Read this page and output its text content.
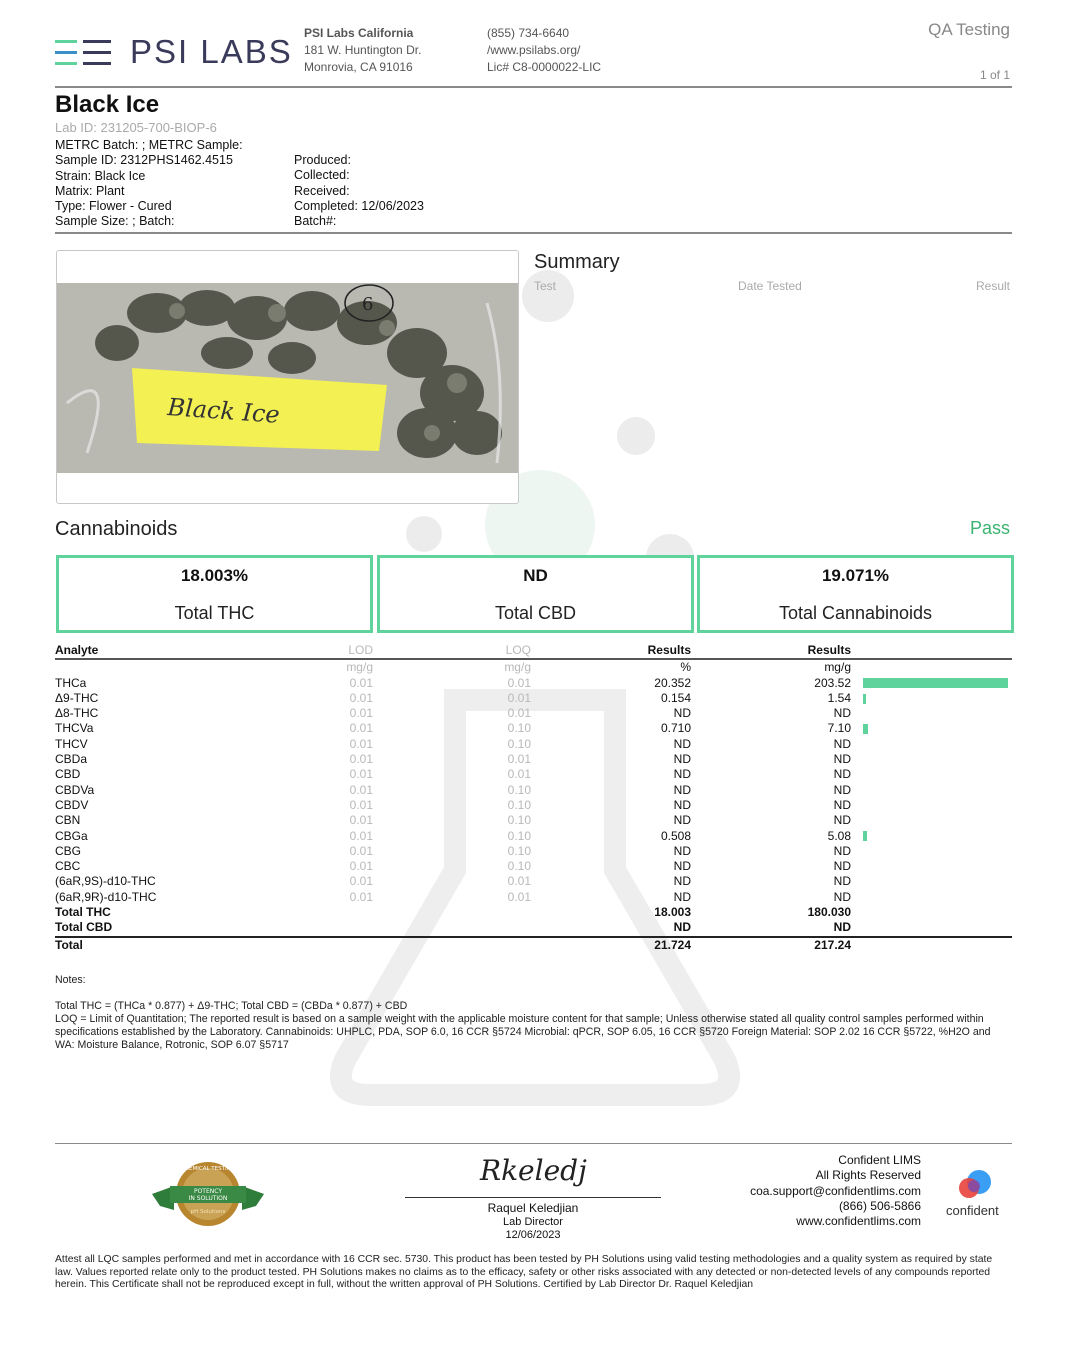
PSI LABS PSI Labs California
181 W. Huntington Dr.
Monrovia, CA 91016
(855) 734-6640
/www.psilabs.org/
Lic# C8-0000022-LIC
QA Testing
1 of 1
Black Ice
Lab ID: 231205-700-BIOP-6
METRC Batch: ; METRC Sample:
Sample ID: 2312PHS1462.4515
Strain: Black Ice
Matrix: Plant
Type: Flower - Cured
Sample Size: ; Batch:
Produced:
Collected:
Received:
Completed: 12/06/2023
Batch#:
6
Black Ice
Summary
Test	Date Tested	Result
Cannabinoids	Pass
18.003%
Total THC
ND
Total CBD
19.071%
Total Cannabinoids
Analyte	LOD		LOQ		Results		Results	
	mg/g		mg/g		%		mg/g	
THCa	0.01		0.01		20.352		203.52	
Δ9-THC	0.01		0.01		0.154		1.54	
Δ8-THC	0.01		0.01		ND		ND	
THCVa	0.01		0.10		0.710		7.10	
THCV	0.01		0.10		ND		ND	
CBDa	0.01		0.01		ND		ND	
CBD	0.01		0.01		ND		ND	
CBDVa	0.01		0.10		ND		ND	
CBDV	0.01		0.10		ND		ND	
CBN	0.01		0.10		ND		ND	
CBGa	0.01		0.10		0.508		5.08	
CBG	0.01		0.10		ND		ND	
CBC	0.01		0.10		ND		ND	
(6aR,9S)-d10-THC	0.01		0.01		ND		ND	
(6aR,9R)-d10-THC	0.01		0.01		ND		ND	
Total THC					18.003		180.030	
Total CBD					ND		ND	
Total					21.724		217.24	
Notes:
Total THC = (THCa * 0.877) + Δ9-THC; Total CBD = (CBDa * 0.877) + CBD
LOQ = Limit of Quantitation; The reported result is based on a sample weight with the applicable moisture content for that sample; Unless otherwise stated all quality control samples performed within specifications established by the Laboratory. Cannabinoids: UHPLC, PDA, SOP 6.0, 16 CCR §5724 Microbial: qPCR, SOP 6.05, 16 CCR §5720 Foreign Material: SOP 2.02 16 CCR §5722, %H2O and WA: Moisture Balance, Rotronic, SOP 6.07 §5717
CHEMICAL TESTING
POTENCY
IN SOLUTION
pH Solutions
Rkeledj
Raquel Keledjian
Lab Director
12/06/2023
Confident LIMS
All Rights Reserved
coa.support@confidentlims.com
(866) 506-5866
www.confidentlims.com
confident
Attest all LQC samples performed and met in accordance with 16 CCR sec. 5730. This product has been tested by PH Solutions using valid testing methodologies and a quality system as required by state law. Values reported relate only to the product tested. PH Solutions makes no claims as to the efficacy, safety or other risks associated with any detected or non-detected levels of any compounds reported herein. This Certificate shall not be reproduced except in full, without the written approval of PH Solutions. Certified by Lab Director Dr. Raquel Keledjian
